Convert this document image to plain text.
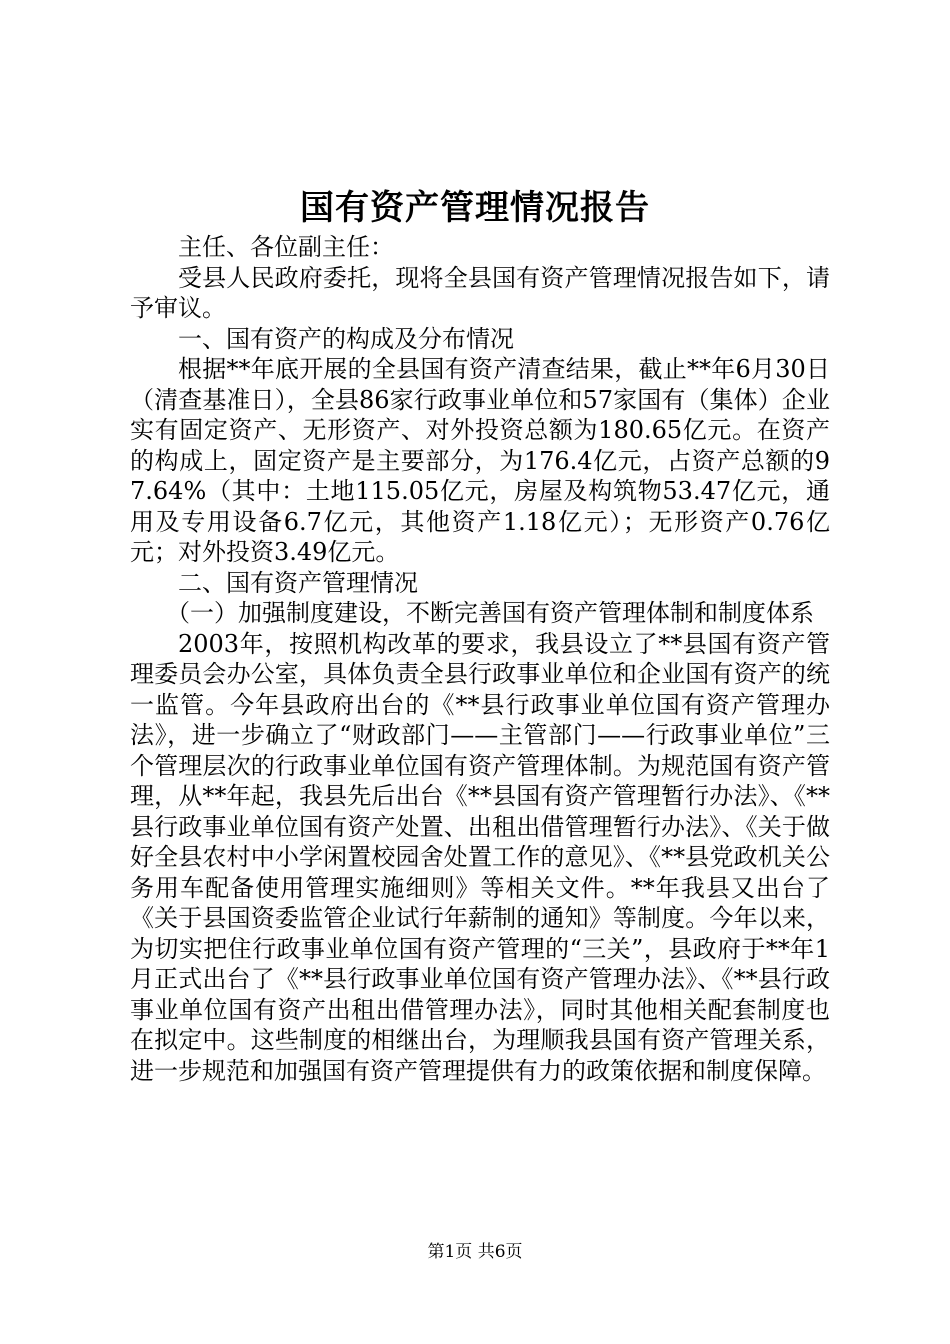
国有资产管理情况报告

主任、各位副主任：

受县人民政府委托，现将全县国有资产管理情况报告如下，请予审议。

一、国有资产的构成及分布情况

根据**年底开展的全县国有资产清查结果，截止**年6月30日（清查基准日），全县86家行政事业单位和57家国有（集体）企业实有固定资产、无形资产、对外投资总额为180.65亿元。在资产的构成上，固定资产是主要部分，为176.4亿元，占资产总额的97.64%（其中：土地115.05亿元，房屋及构筑物53.47亿元，通用及专用设备6.7亿元，其他资产1.18亿元）；无形资产0.76亿元；对外投资3.49亿元。

二、国有资产管理情况

（一）加强制度建设，不断完善国有资产管理体制和制度体系

2003年，按照机构改革的要求，我县设立了**县国有资产管理委员会办公室，具体负责全县行政事业单位和企业国有资产的统一监管。今年县政府出台的《**县行政事业单位国有资产管理办法》，进一步确立了“财政部门——主管部门——行政事业单位”三个管理层次的行政事业单位国有资产管理体制。为规范国有资产管理，从**年起，我县先后出台《**县国有资产管理暂行办法》、《**县行政事业单位国有资产处置、出租出借管理暂行办法》、《关于做好全县农村中小学闲置校园舍处置工作的意见》、《**县党政机关公务用车配备使用管理实施细则》等相关文件。**年我县又出台了《关于县国资委监管企业试行年薪制的通知》等制度。今年以来，为切实把住行政事业单位国有资产管理的“三关”，县政府于**年1月正式出台了《**县行政事业单位国有资产管理办法》、《**县行政事业单位国有资产出租出借管理办法》，同时其他相关配套制度也在拟定中。这些制度的相继出台，为理顺我县国有资产管理关系，进一步规范和加强国有资产管理提供有力的政策依据和制度保障。

第1页 共6页
